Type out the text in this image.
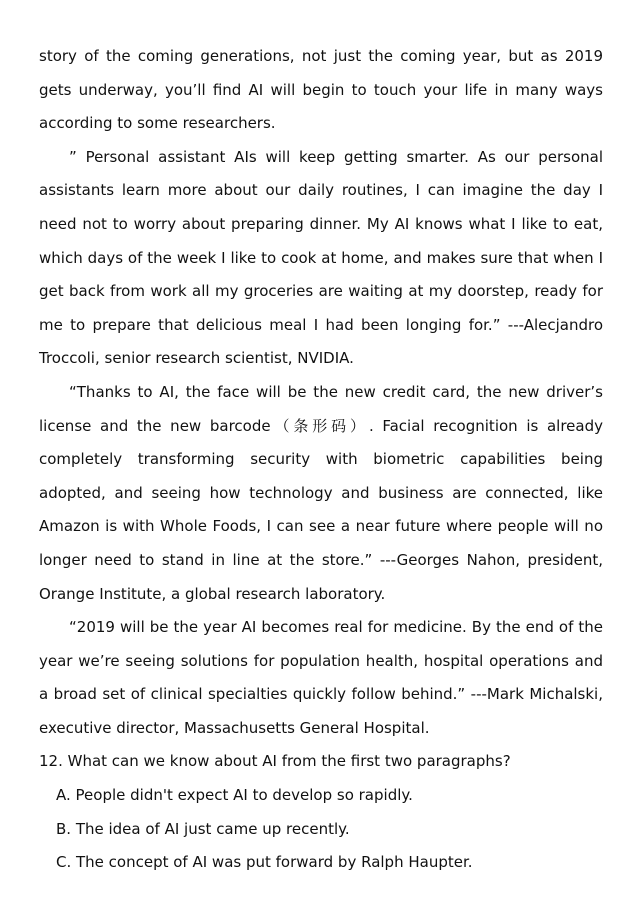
story of the coming generations, not just the coming year, but as 2019 gets underway, you’ll find AI will begin to touch your life in many ways according to some researchers.

” Personal assistant AIs will keep getting smarter. As our personal assistants learn more about our daily routines, I can imagine the day I need not to worry about preparing dinner. My AI knows what I like to eat, which days of the week I like to cook at home, and makes sure that when I get back from work all my groceries are waiting at my doorstep, ready for me to prepare that delicious meal I had been longing for.” ---Alecjandro Troccoli, senior research scientist, NVIDIA.

“Thanks to AI, the face will be the new credit card, the new driver’s license and the new barcode（条形码）. Facial recognition is already completely transforming security with biometric capabilities being adopted, and seeing how technology and business are connected, like Amazon is with Whole Foods, I can see a near future where people will no longer need to stand in line at the store.” ---Georges Nahon, president, Orange Institute, a global research laboratory.

“2019 will be the year AI becomes real for medicine. By the end of the year we’re seeing solutions for population health, hospital operations and a broad set of clinical specialties quickly follow behind.” ---Mark Michalski, executive director, Massachusetts General Hospital.

12. What can we know about AI from the first two paragraphs?

A. People didn't expect AI to develop so rapidly.

B. The idea of AI just came up recently.

C. The concept of AI was put forward by Ralph Haupter.
